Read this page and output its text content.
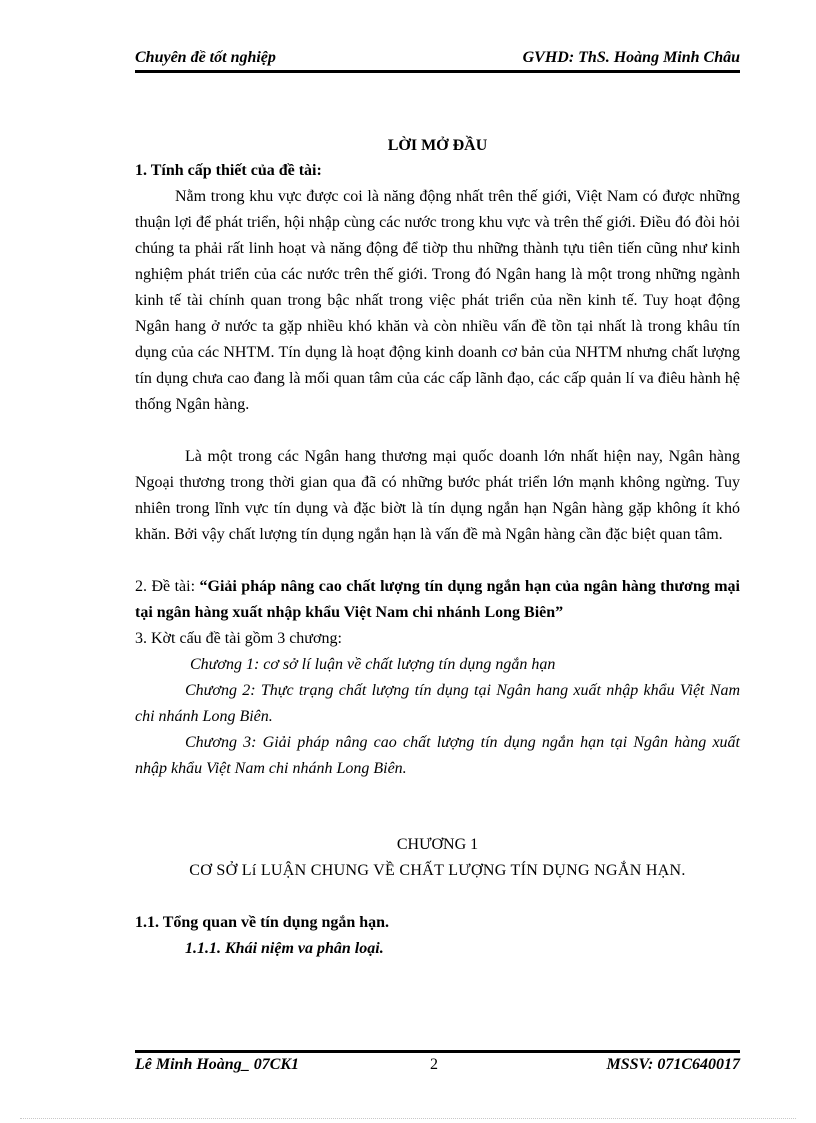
Chuyên đề tốt nghiệp	GVHD: ThS. Hoàng Minh Châu
LỜI MỞ ĐẦU
1. Tính cấp thiết của đề tài:
Nằm trong khu vực được coi là năng động nhất trên thế giới, Việt Nam có được những thuận lợi để phát triển, hội nhập cùng các nước trong khu vực và trên thế giới. Điều đó đòi hỏi chúng ta phải rất linh hoạt và năng động để tiờp thu những thành tựu tiên tiến cũng như kinh nghiệm phát triển của các nước trên thế giới. Trong đó Ngân hang là một trong những ngành kinh tế tài chính quan trong bậc nhất trong việc phát triển của nền kinh tế. Tuy hoạt động Ngân hang ở nước ta gặp nhiều khó khăn và còn nhiều vấn đề tồn tại nhất là trong khâu tín dụng của các NHTM. Tín dụng là hoạt động kinh doanh cơ bản của NHTM nhưng chất lượng tín dụng chưa cao đang là mối quan tâm của các cấp lãnh đạo, các cấp quản lí va điêu hành hệ thống Ngân hàng.
Là một trong các Ngân hang thương mại quốc doanh lớn nhất hiện nay, Ngân hàng Ngoại thương trong thời gian qua đã có những bước phát triển lớn mạnh không ngừng. Tuy nhiên trong lĩnh vực tín dụng và đặc biờt là tín dụng ngắn hạn Ngân hàng gặp không ít khó khăn. Bởi vậy chất lượng tín dụng ngắn hạn là vấn đề mà Ngân hàng cần đặc biệt quan tâm.
2. Đề tài: “Giải pháp nâng cao chất lượng tín dụng ngắn hạn của ngân hàng thương mại tại ngân hàng xuất nhập khẩu Việt Nam chi nhánh Long Biên”
3. Kờt cấu đề tài gồm 3 chương:
Chương 1: cơ sở lí luận về chất lượng tín dụng ngắn hạn
Chương 2: Thực trạng chất lượng tín dụng tại Ngân hang xuất nhập khẩu Việt Nam chi nhánh Long Biên.
Chương 3: Giải pháp nâng cao chất lượng tín dụng ngắn hạn tại Ngân hàng xuất nhập khẩu Việt Nam chi nhánh Long Biên.
CHƯƠNG 1
CƠ SỞ Lí LUẬN CHUNG VỀ CHẤT LƯỢNG TÍN DỤNG NGẮN HẠN.
1.1. Tổng quan về tín dụng ngắn hạn.
1.1.1. Khái niệm va phân loại.
Lê Minh Hoàng_ 07CK1	2	MSSV: 071C640017
